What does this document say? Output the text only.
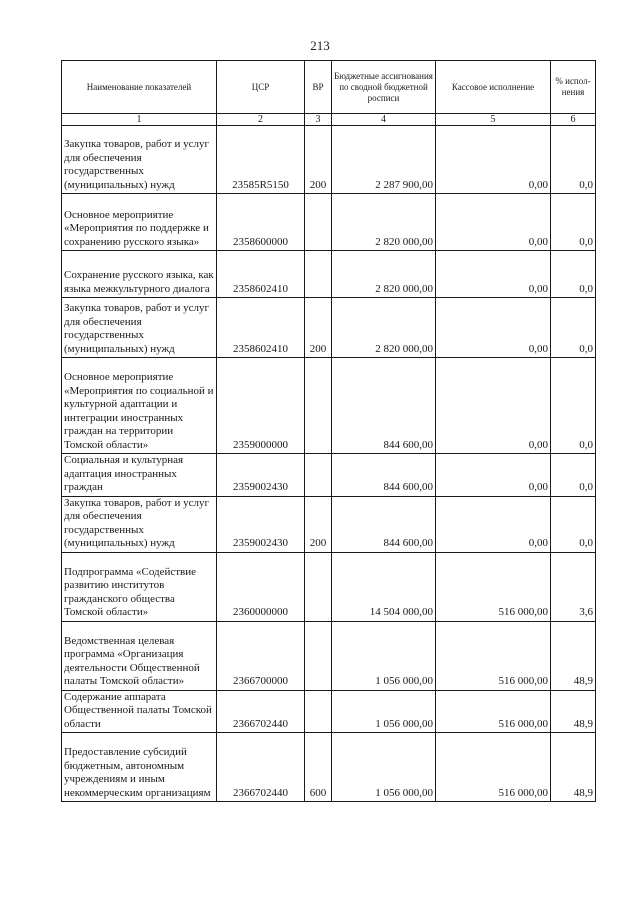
213
Наименование показателей	ЦСР	ВР	Бюджетные ассигнования по сводной бюджетной росписи	Кассовое исполнение	% испол-нения
1	2	3	4	5	6
Закупка товаров, работ и услуг для обеспечения государственных (муниципальных) нужд	23585R5150	200	2 287 900,00	0,00	0,0
Основное мероприятие «Мероприятия по поддержке и сохранению русского языка»	2358600000		2 820 000,00	0,00	0,0
Сохранение русского языка, как языка межкультурного диалога	2358602410		2 820 000,00	0,00	0,0
Закупка товаров, работ и услуг для обеспечения государственных (муниципальных) нужд	2358602410	200	2 820 000,00	0,00	0,0
Основное мероприятие «Мероприятия по социальной и культурной адаптации и интеграции иностранных граждан на территории Томской области»	2359000000		844 600,00	0,00	0,0
Социальная и культурная адаптация иностранных граждан	2359002430		844 600,00	0,00	0,0
Закупка товаров, работ и услуг для обеспечения государственных (муниципальных) нужд	2359002430	200	844 600,00	0,00	0,0
Подпрограмма «Содействие развитию институтов гражданского общества Томской области»	2360000000		14 504 000,00	516 000,00	3,6
Ведомственная целевая программа «Организация деятельности Общественной палаты Томской области»	2366700000		1 056 000,00	516 000,00	48,9
Содержание аппарата Общественной палаты Томской области	2366702440		1 056 000,00	516 000,00	48,9
Предоставление субсидий бюджетным, автономным учреждениям и иным некоммерческим организациям	2366702440	600	1 056 000,00	516 000,00	48,9
